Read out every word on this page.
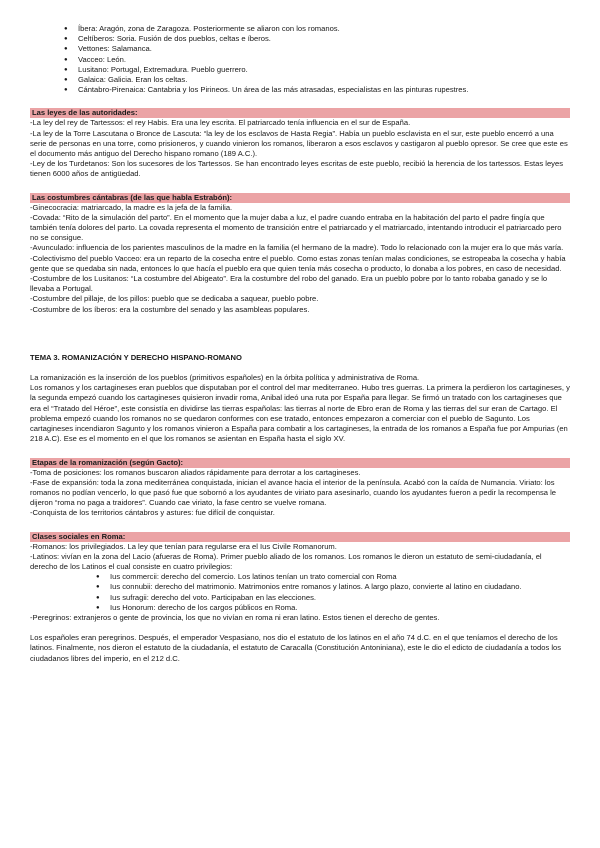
● Íbera: Aragón, zona de Zaragoza. Posteriormente se aliaron con los romanos.
● Celtíberos: Soria. Fusión de dos pueblos, celtas e íberos.
● Vettones: Salamanca.
● Vacceo: León.
● Lusitano: Portugal, Extremadura. Pueblo guerrero.
● Galaica: Galicia. Eran los celtas.
● Cántabro-Pirenaica: Cantabria y los Pirineos. Un área de las más atrasadas, especialistas en las pinturas rupestres.
Las leyes de las autoridades:

-La ley del rey de Tartessos: el rey Habis. Era una ley escrita. El patriarcado tenía influencia en el sur de España.

-La ley de la Torre Lascutana o Bronce de Lascuta: “la ley de los esclavos de Hasta Regia”. Había un pueblo esclavista en el sur, este pueblo encerró a una serie de personas en una torre, como prisioneros, y cuando vinieron los romanos, liberaron a esos esclavos y castigaron al pueblo opresor. Se cree que este es el documento más antiguo del Derecho hispano romano (189 A.C.).

-Ley de los Turdetanos: Son los sucesores de los Tartessos. Se han encontrado leyes escritas de este pueblo, recibió la herencia de los tartessos. Estas leyes tienen 6000 años de antigüedad.

Las costumbres cántabras (de las que habla Estrabón):

-Ginecocracia: matriarcado, la madre es la jefa de la familia.

-Covada: “Rito de la simulación del parto”. En el momento que la mujer daba a luz, el padre cuando entraba en la habitación del parto el padre fingía que también tenía dolores del parto. La covada representa el momento de transición entre el patriarcado y el matriarcado, intentando introducir el patriarcado pero no se consigue.

-Avunculado: influencia de los parientes masculinos de la madre en la familia (el hermano de la madre). Todo lo relacionado con la mujer era lo que más varía.

-Colectivismo del pueblo Vacceo: era un reparto de la cosecha entre el pueblo. Como estas zonas tenían malas condiciones, se estropeaba la cosecha y había gente que se quedaba sin nada, entonces lo que hacía el pueblo era que quien tenía más cosecha o producto, lo donaba a los pobres, en caso de necesidad.

-Costumbre de los Lusitanos: “La costumbre del Abigeato”. Era la costumbre del robo del ganado. Era un pueblo pobre por lo tanto robaba ganado y se lo llevaba a Portugal.

-Costumbre del pillaje, de los pillos: pueblo que se dedicaba a saquear, pueblo pobre.

-Costumbre de los íberos: era la costumbre del senado y las asambleas populares.

TEMA 3. ROMANIZACIÓN Y DERECHO HISPANO-ROMANO

La romanización es la inserción de los pueblos (primitivos españoles) en la órbita política y administrativa de Roma.

Los romanos y los cartagineses eran pueblos que disputaban por el control del mar mediterraneo. Hubo tres guerras. La primera la perdieron los cartagineses, y la segunda empezó cuando los cartagineses quisieron invadir roma, Anibal ideó una ruta por España para llegar. Se firmó un tratado con los cartagineses que era el “Tratado del Héroe”, este consistía en dividirse las tierras españolas: las tierras al norte de Ebro eran de Roma y las tierras del sur eran de Cartago. El problema empezó cuando los romanos no se quedaron conformes con ese tratado, entonces empezaron a comerciar con el pueblo de Sagunto. Los cartagineses incendiaron Sagunto y los romanos vinieron a España para combatir a los cartagineses, la entrada de los romanos a España fue por Ampurias (en 218 A.C). Ese es el momento en el que los romanos se asientan en España hasta el siglo XV.

Etapas de la romanización (según Gacto):

-Toma de posiciones: los romanos buscaron aliados rápidamente para derrotar a los cartagineses.

-Fase de expansión: toda la zona mediterránea conquistada, inician el avance hacia el interior de la península. Acabó con la caída de Numancia. Viriato: los romanos no podían vencerlo, lo que pasó fue que sobornó a los ayudantes de viriato para asesinarlo, cuando los ayudantes fueron a pedir la recompensa le dijeron “roma no paga a traidores”. Cuando cae viriato, la fase centro se vuelve romana.

-Conquista de los territorios cántabros y astures: fue difícil de conquistar.

Clases sociales en Roma:

-Romanos: los privilegiados. La ley que tenían para regularse era el Ius Civile Romanorum.

-Latinos: vivían en la zona del Lacio (afueras de Roma). Primer pueblo aliado de los romanos. Los romanos le dieron un estatuto de semi-ciudadanía, el derecho de los Latinos el cual consiste en cuatro privilegios:

● Ius commercii: derecho del comercio. Los latinos tenían un trato comercial con Roma
● Ius connubii: derecho del matrimonio. Matrimonios entre romanos y latinos. A largo plazo, convierte al latino en ciudadano.
● Ius sufragii: derecho del voto. Participaban en las elecciones.
● Ius Honorum: derecho de los cargos públicos en Roma.

-Peregrinos: extranjeros o gente de provincia, los que no vivían en roma ni eran latino. Estos tienen el derecho de gentes.

Los españoles eran peregrinos. Después, el emperador Vespasiano, nos dio el estatuto de los latinos en el año 74 d.C. en el que teníamos el derecho de los latinos. Finalmente, nos dieron el estatuto de la ciudadanía, el estatuto de Caracalla (Constitución Antoniniana), este le dio el edicto de ciudadanía a todos los ciudadanos libres del imperio, en el 212 d.C.
